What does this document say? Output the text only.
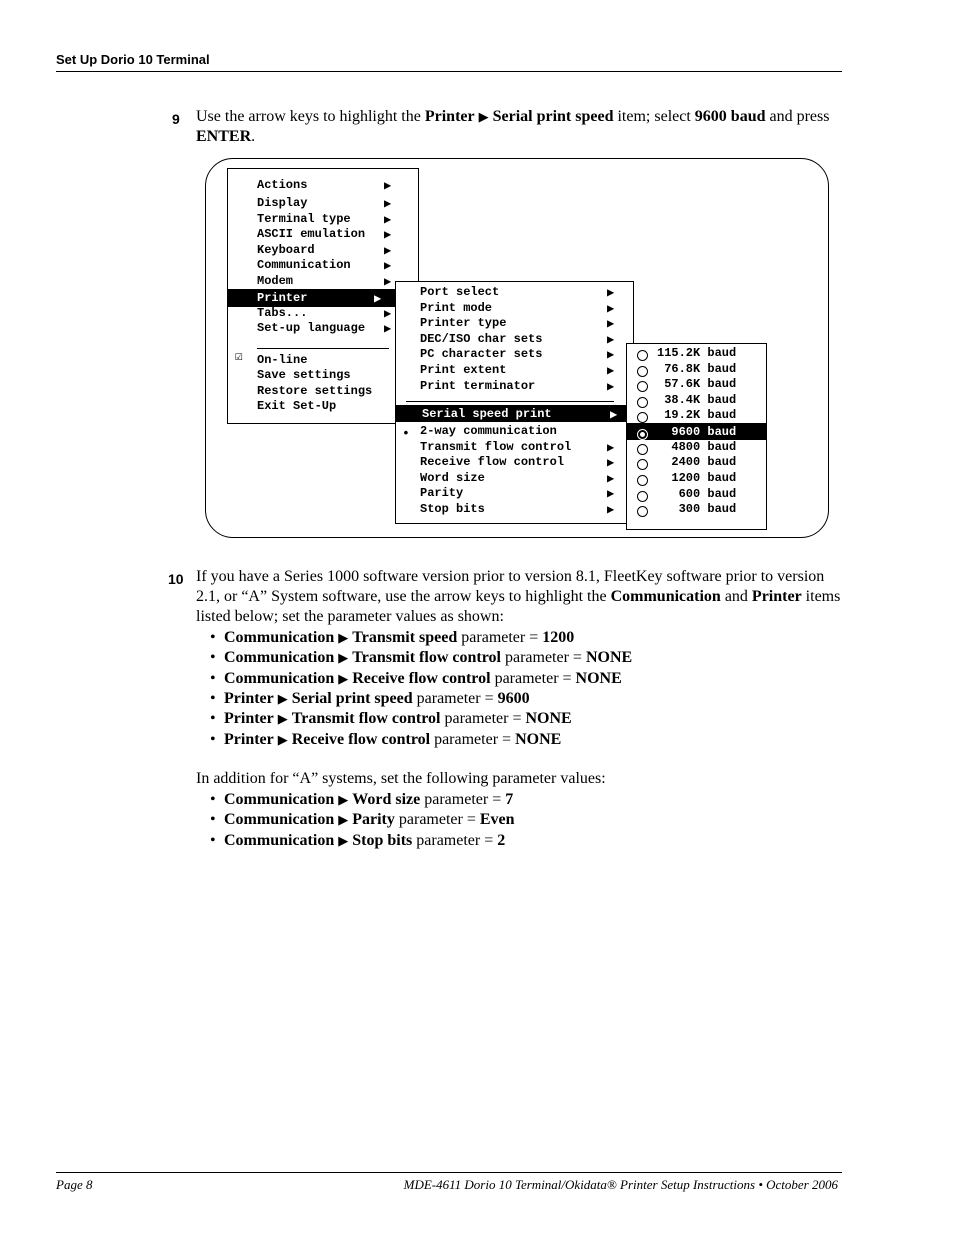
Set Up Dorio 10 Terminal
9 Use the arrow keys to highlight the Printer ▶ Serial print speed item; select 9600 baud and press ENTER.
Actions	▶
Display	▶
Terminal type	▶
ASCII emulation ▶
Keyboard	▶
Communication	▶
Modem	▶
Printer	▶
Tabs...	▶
Set-up language ▶
☑ On-line
Save settings
Restore settings
Exit Set-Up
Port select	▶
Print mode	▶
Printer type	▶
DEC/ISO char sets	▶
PC character sets	▶
Print extent	▶
Print terminator	▶
Serial speed print	▶
2-way communication
Transmit flow control	▶
Receive flow control	▶
Word size	▶
Parity	▶
Stop bits	▶
•
115.2K baud
76.8K baud
57.6K baud
38.4K baud
19.2K baud
9600 baud
4800 baud
2400 baud
1200 baud
600 baud
300 baud
10 If you have a Series 1000 software version prior to version 8.1, FleetKey software prior to version 2.1, or “A” System software, use the arrow keys to highlight the Communication and Printer items listed below; set the parameter values as shown:
• Communication ▶ Transmit speed parameter = 1200
• Communication ▶ Transmit flow control parameter = NONE
• Communication ▶ Receive flow control parameter = NONE
• Printer ▶ Serial print speed parameter = 9600
• Printer ▶ Transmit flow control parameter = NONE
• Printer ▶ Receive flow control parameter = NONE
In addition for “A” systems, set the following parameter values:
• Communication ▶ Word size parameter = 7
• Communication ▶ Parity parameter = Even
• Communication ▶ Stop bits parameter = 2
Page 8	MDE-4611 Dorio 10 Terminal/Okidata® Printer Setup Instructions • October 2006
